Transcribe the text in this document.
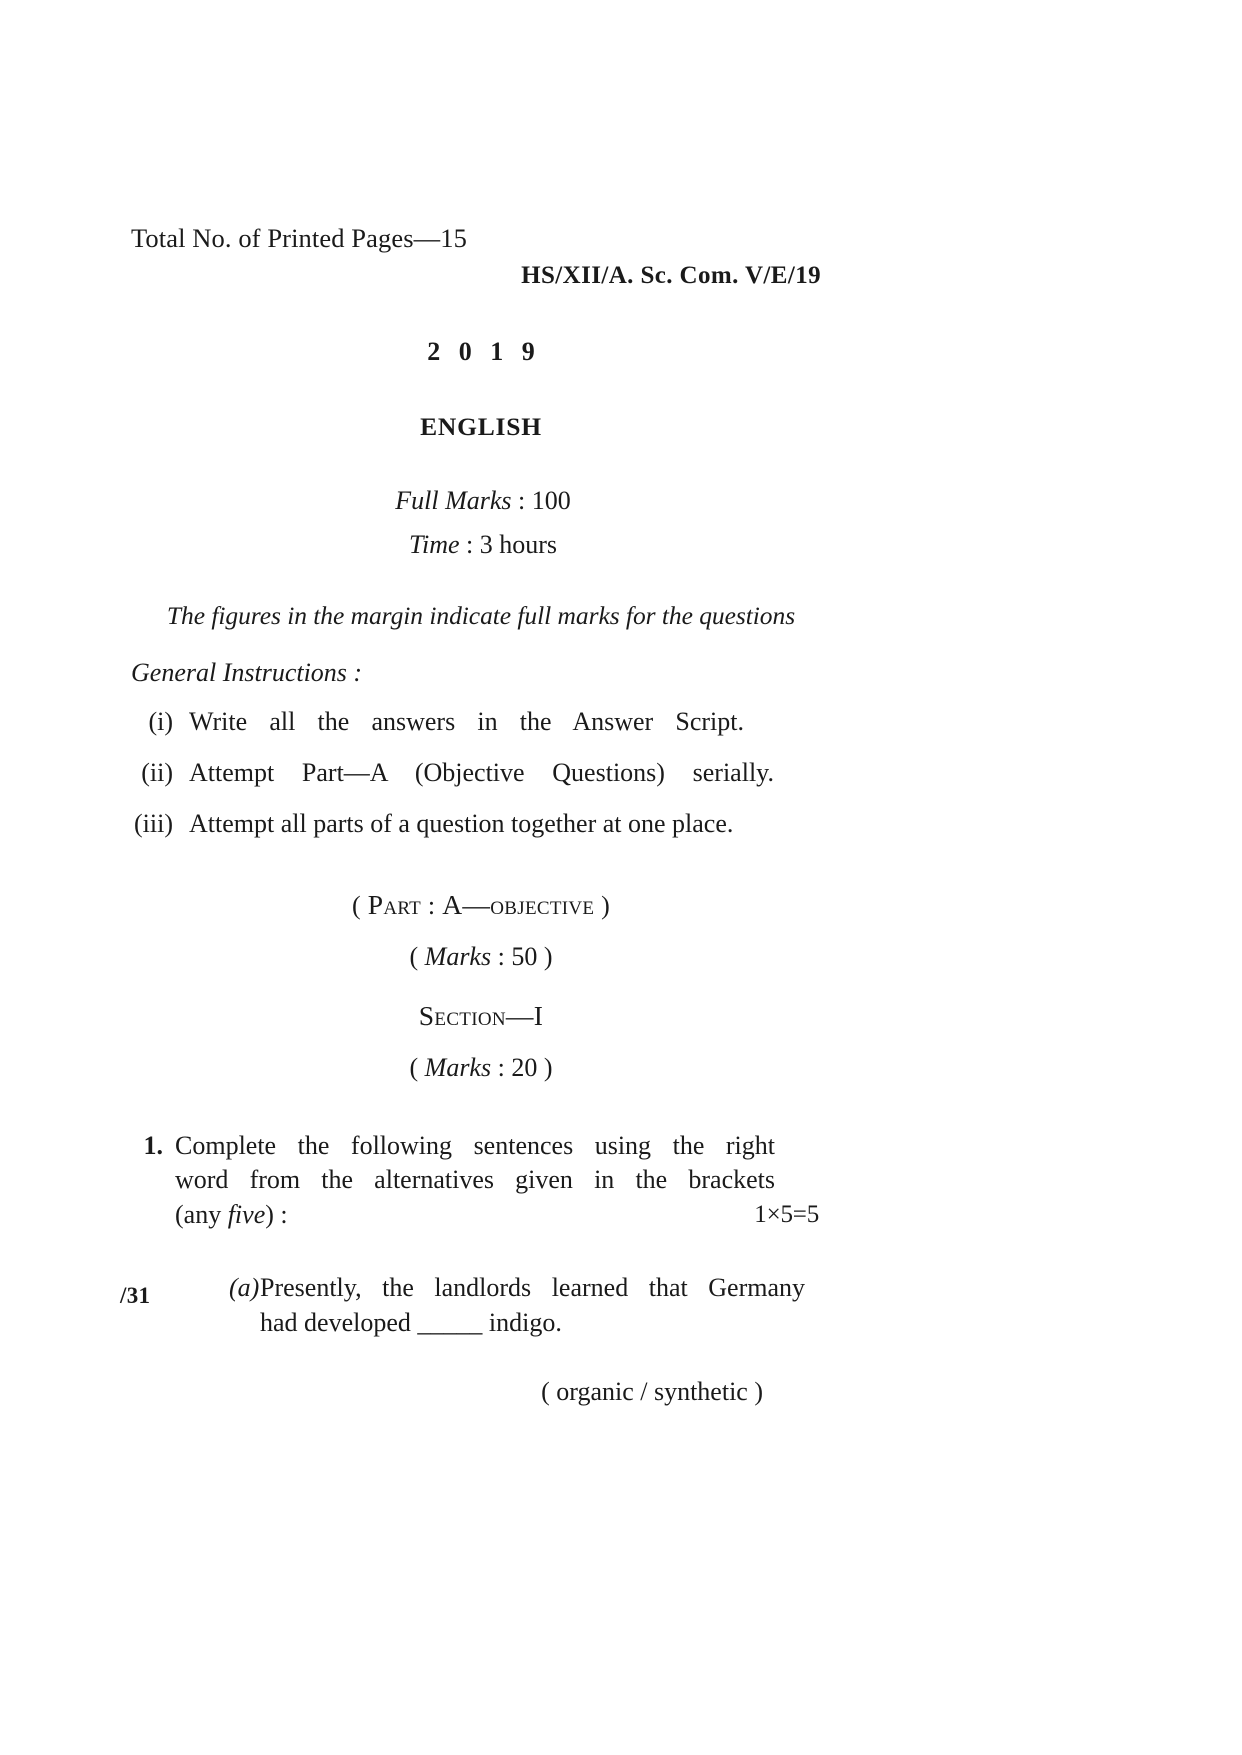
Total No. of Printed Pages—15
HS/XII/A. Sc. Com. V/E/19
2 0 1 9
ENGLISH
Full Marks : 100
Time : 3 hours
The figures in the margin indicate full marks for the questions
General Instructions :
(i) Write all the answers in the Answer Script.
(ii) Attempt Part—A (Objective Questions) serially.
(iii) Attempt all parts of a question together at one place.
( Part : A—objective )
( Marks : 50 )
Section—I
( Marks : 20 )
1. Complete the following sentences using the right
word from the alternatives given in the brackets
(any five) :	1×5=5
(a) Presently, the landlords learned that Germany
had developed _____ indigo.
( organic / synthetic )
/31
